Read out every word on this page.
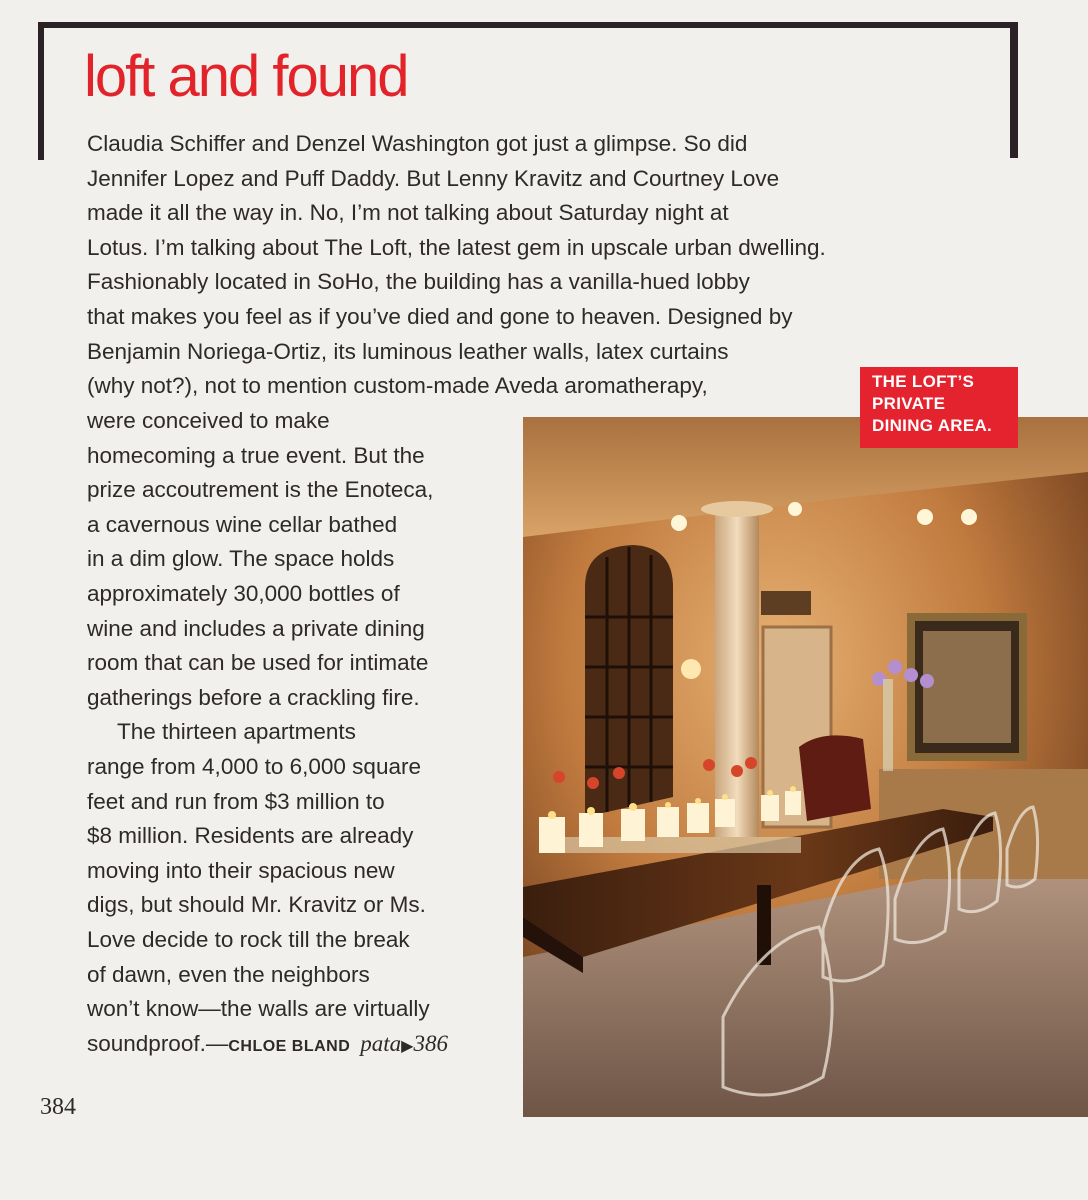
loft and found
Claudia Schiffer and Denzel Washington got just a glimpse. So did
Jennifer Lopez and Puff Daddy. But Lenny Kravitz and Courtney Love
made it all the way in. No, I’m not talking about Saturday night at
Lotus. I’m talking about The Loft, the latest gem in upscale urban dwelling.
Fashionably located in SoHo, the building has a vanilla-hued lobby
that makes you feel as if you’ve died and gone to heaven. Designed by
Benjamin Noriega-Ortiz, its luminous leather walls, latex curtains
(why not?), not to mention custom-made Aveda aromatherapy,
were conceived to make
homecoming a true event. But the
prize accoutrement is the Enoteca,
a cavernous wine cellar bathed
in a dim glow. The space holds
approximately 30,000 bottles of
wine and includes a private dining
room that can be used for intimate
gatherings before a crackling fire.
The thirteen apartments
range from 4,000 to 6,000 square
feet and run from $3 million to
$8 million. Residents are already
moving into their spacious new
digs, but should Mr. Kravitz or Ms.
Love decide to rock till the break
of dawn, even the neighbors
won’t know—the walls are virtually
soundproof.—CHLOE BLAND pata▶386
384
THE LOFT’S
PRIVATE
DINING AREA.
